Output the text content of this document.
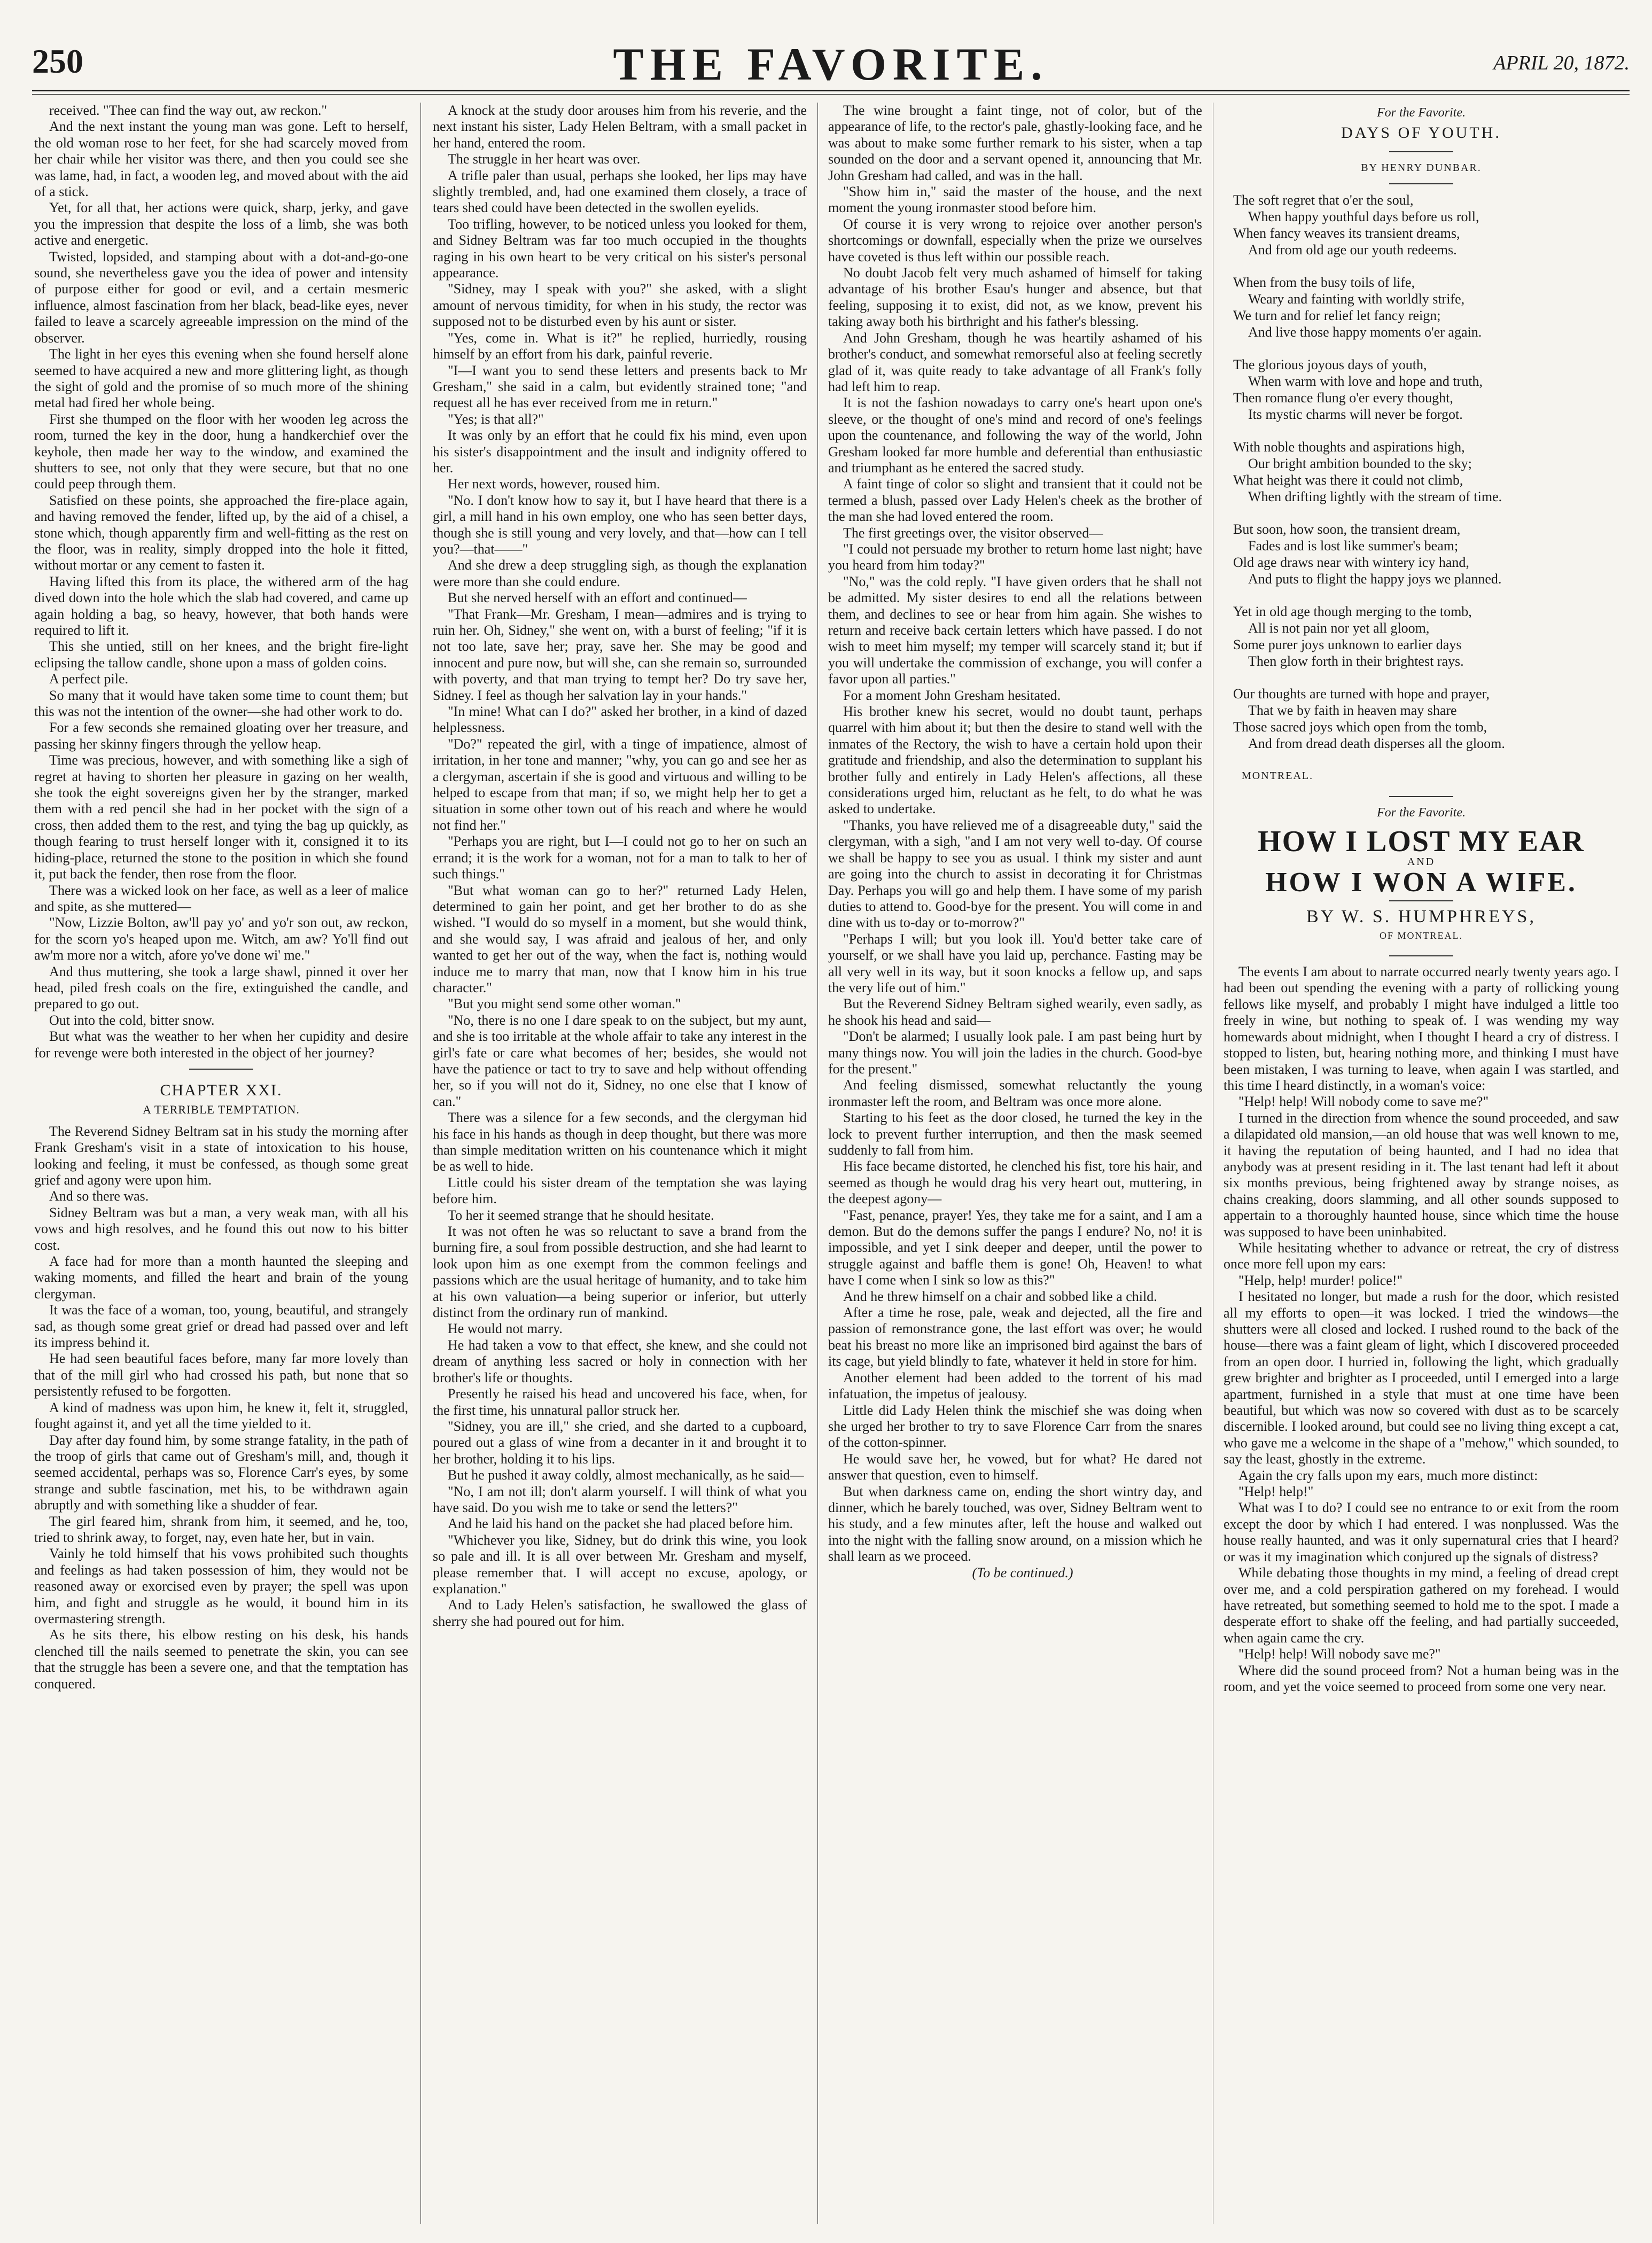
250	THE FAVORITE.	APRIL 20, 1872.

received. "Thee can find the way out, aw reckon."

And the next instant the young man was gone. Left to herself, the old woman rose to her feet, for she had scarcely moved from her chair while her visitor was there, and then you could see she was lame, had, in fact, a wooden leg, and moved about with the aid of a stick.

Yet, for all that, her actions were quick, sharp, jerky, and gave you the impression that despite the loss of a limb, she was both active and energetic.

Twisted, lopsided, and stamping about with a dot-and-go-one sound, she nevertheless gave you the idea of power and intensity of purpose either for good or evil, and a certain mesmeric influence, almost fascination from her black, bead-like eyes, never failed to leave a scarcely agreeable impression on the mind of the observer.

The light in her eyes this evening when she found herself alone seemed to have acquired a new and more glittering light, as though the sight of gold and the promise of so much more of the shining metal had fired her whole being.

First she thumped on the floor with her wooden leg across the room, turned the key in the door, hung a handkerchief over the keyhole, then made her way to the window, and examined the shutters to see, not only that they were secure, but that no one could peep through them.

Satisfied on these points, she approached the fire-place again, and having removed the fender, lifted up, by the aid of a chisel, a stone which, though apparently firm and well-fitting as the rest on the floor, was in reality, simply dropped into the hole it fitted, without mortar or any cement to fasten it.

Having lifted this from its place, the withered arm of the hag dived down into the hole which the slab had covered, and came up again holding a bag, so heavy, however, that both hands were required to lift it.

This she untied, still on her knees, and the bright fire-light eclipsing the tallow candle, shone upon a mass of golden coins.

A perfect pile.

So many that it would have taken some time to count them; but this was not the intention of the owner—she had other work to do.

For a few seconds she remained gloating over her treasure, and passing her skinny fingers through the yellow heap.

Time was precious, however, and with something like a sigh of regret at having to shorten her pleasure in gazing on her wealth, she took the eight sovereigns given her by the stranger, marked them with a red pencil she had in her pocket with the sign of a cross, then added them to the rest, and tying the bag up quickly, as though fearing to trust herself longer with it, consigned it to its hiding-place, returned the stone to the position in which she found it, put back the fender, then rose from the floor.

There was a wicked look on her face, as well as a leer of malice and spite, as she muttered—

"Now, Lizzie Bolton, aw'll pay yo' and yo'r son out, aw reckon, for the scorn yo's heaped upon me. Witch, am aw? Yo'll find out aw'm more nor a witch, afore yo've done wi' me."

And thus muttering, she took a large shawl, pinned it over her head, piled fresh coals on the fire, extinguished the candle, and prepared to go out.

Out into the cold, bitter snow.

But what was the weather to her when her cupidity and desire for revenge were both interested in the object of her journey?

CHAPTER XXI.
A TERRIBLE TEMPTATION.

The Reverend Sidney Beltram sat in his study the morning after Frank Gresham's visit in a state of intoxication to his house, looking and feeling, it must be confessed, as though some great grief and agony were upon him.

And so there was.

Sidney Beltram was but a man, a very weak man, with all his vows and high resolves, and he found this out now to his bitter cost.

A face had for more than a month haunted the sleeping and waking moments, and filled the heart and brain of the young clergyman.

It was the face of a woman, too, young, beautiful, and strangely sad, as though some great grief or dread had passed over and left its impress behind it.

He had seen beautiful faces before, many far more lovely than that of the mill girl who had crossed his path, but none that so persistently refused to be forgotten.

A kind of madness was upon him, he knew it, felt it, struggled, fought against it, and yet all the time yielded to it.

Day after day found him, by some strange fatality, in the path of the troop of girls that came out of Gresham's mill, and, though it seemed accidental, perhaps was so, Florence Carr's eyes, by some strange and subtle fascination, met his, to be withdrawn again abruptly and with something like a shudder of fear.

The girl feared him, shrank from him, it seemed, and he, too, tried to shrink away, to forget, nay, even hate her, but in vain.

Vainly he told himself that his vows prohibited such thoughts and feelings as had taken possession of him, they would not be reasoned away or exorcised even by prayer; the spell was upon him, and fight and struggle as he would, it bound him in its overmastering strength.

As he sits there, his elbow resting on his desk, his hands clenched till the nails seemed to penetrate the skin, you can see that the struggle has been a severe one, and that the temptation has conquered.

A knock at the study door arouses him from his reverie, and the next instant his sister, Lady Helen Beltram, with a small packet in her hand, entered the room.

The struggle in her heart was over.

A trifle paler than usual, perhaps she looked, her lips may have slightly trembled, and, had one examined them closely, a trace of tears shed could have been detected in the swollen eyelids.

Too trifling, however, to be noticed unless you looked for them, and Sidney Beltram was far too much occupied in the thoughts raging in his own heart to be very critical on his sister's personal appearance.

"Sidney, may I speak with you?" she asked, with a slight amount of nervous timidity, for when in his study, the rector was supposed not to be disturbed even by his aunt or sister.

"Yes, come in. What is it?" he replied, hurriedly, rousing himself by an effort from his dark, painful reverie.

"I—I want you to send these letters and presents back to Mr Gresham," she said in a calm, but evidently strained tone; "and request all he has ever received from me in return."

"Yes; is that all?"

It was only by an effort that he could fix his mind, even upon his sister's disappointment and the insult and indignity offered to her.

Her next words, however, roused him.

"No. I don't know how to say it, but I have heard that there is a girl, a mill hand in his own employ, one who has seen better days, though she is still young and very lovely, and that—how can I tell you?—that——"

And she drew a deep struggling sigh, as though the explanation were more than she could endure.

But she nerved herself with an effort and continued—

"That Frank—Mr. Gresham, I mean—admires and is trying to ruin her. Oh, Sidney," she went on, with a burst of feeling; "if it is not too late, save her; pray, save her. She may be good and innocent and pure now, but will she, can she remain so, surrounded with poverty, and that man trying to tempt her? Do try save her, Sidney. I feel as though her salvation lay in your hands."

"In mine! What can I do?" asked her brother, in a kind of dazed helplessness.

"Do?" repeated the girl, with a tinge of impatience, almost of irritation, in her tone and manner; "why, you can go and see her as a clergyman, ascertain if she is good and virtuous and willing to be helped to escape from that man; if so, we might help her to get a situation in some other town out of his reach and where he would not find her."

"Perhaps you are right, but I—I could not go to her on such an errand; it is the work for a woman, not for a man to talk to her of such things."

"But what woman can go to her?" returned Lady Helen, determined to gain her point, and get her brother to do as she wished. "I would do so myself in a moment, but she would think, and she would say, I was afraid and jealous of her, and only wanted to get her out of the way, when the fact is, nothing would induce me to marry that man, now that I know him in his true character."

"But you might send some other woman."

"No, there is no one I dare speak to on the subject, but my aunt, and she is too irritable at the whole affair to take any interest in the girl's fate or care what becomes of her; besides, she would not have the patience or tact to try to save and help without offending her, so if you will not do it, Sidney, no one else that I know of can."

There was a silence for a few seconds, and the clergyman hid his face in his hands as though in deep thought, but there was more than simple meditation written on his countenance which it might be as well to hide.

Little could his sister dream of the temptation she was laying before him.

To her it seemed strange that he should hesitate.

It was not often he was so reluctant to save a brand from the burning fire, a soul from possible destruction, and she had learnt to look upon him as one exempt from the common feelings and passions which are the usual heritage of humanity, and to take him at his own valuation—a being superior or inferior, but utterly distinct from the ordinary run of mankind.

He would not marry.

He had taken a vow to that effect, she knew, and she could not dream of anything less sacred or holy in connection with her brother's life or thoughts.

Presently he raised his head and uncovered his face, when, for the first time, his unnatural pallor struck her.

"Sidney, you are ill," she cried, and she darted to a cupboard, poured out a glass of wine from a decanter in it and brought it to her brother, holding it to his lips.

But he pushed it away coldly, almost mechanically, as he said—

"No, I am not ill; don't alarm yourself. I will think of what you have said. Do you wish me to take or send the letters?"

And he laid his hand on the packet she had placed before him.

"Whichever you like, Sidney, but do drink this wine, you look so pale and ill. It is all over between Mr. Gresham and myself, please remember that. I will accept no excuse, apology, or explanation."

And to Lady Helen's satisfaction, he swallowed the glass of sherry she had poured out for him.

The wine brought a faint tinge, not of color, but of the appearance of life, to the rector's pale, ghastly-looking face, and he was about to make some further remark to his sister, when a tap sounded on the door and a servant opened it, announcing that Mr. John Gresham had called, and was in the hall.

"Show him in," said the master of the house, and the next moment the young ironmaster stood before him.

Of course it is very wrong to rejoice over another person's shortcomings or downfall, especially when the prize we ourselves have coveted is thus left within our possible reach.

No doubt Jacob felt very much ashamed of himself for taking advantage of his brother Esau's hunger and absence, but that feeling, supposing it to exist, did not, as we know, prevent his taking away both his birthright and his father's blessing.

And John Gresham, though he was heartily ashamed of his brother's conduct, and somewhat remorseful also at feeling secretly glad of it, was quite ready to take advantage of all Frank's folly had left him to reap.

It is not the fashion nowadays to carry one's heart upon one's sleeve, or the thought of one's mind and record of one's feelings upon the countenance, and following the way of the world, John Gresham looked far more humble and deferential than enthusiastic and triumphant as he entered the sacred study.

A faint tinge of color so slight and transient that it could not be termed a blush, passed over Lady Helen's cheek as the brother of the man she had loved entered the room.

The first greetings over, the visitor observed—

"I could not persuade my brother to return home last night; have you heard from him today?"

"No," was the cold reply. "I have given orders that he shall not be admitted. My sister desires to end all the relations between them, and declines to see or hear from him again. She wishes to return and receive back certain letters which have passed. I do not wish to meet him myself; my temper will scarcely stand it; but if you will undertake the commission of exchange, you will confer a favor upon all parties."

For a moment John Gresham hesitated.

His brother knew his secret, would no doubt taunt, perhaps quarrel with him about it; but then the desire to stand well with the inmates of the Rectory, the wish to have a certain hold upon their gratitude and friendship, and also the determination to supplant his brother fully and entirely in Lady Helen's affections, all these considerations urged him, reluctant as he felt, to do what he was asked to undertake.

"Thanks, you have relieved me of a disagreeable duty," said the clergyman, with a sigh, "and I am not very well to-day. Of course we shall be happy to see you as usual. I think my sister and aunt are going into the church to assist in decorating it for Christmas Day. Perhaps you will go and help them. I have some of my parish duties to attend to. Good-bye for the present. You will come in and dine with us to-day or to-morrow?"

"Perhaps I will; but you look ill. You'd better take care of yourself, or we shall have you laid up, perchance. Fasting may be all very well in its way, but it soon knocks a fellow up, and saps the very life out of him."

But the Reverend Sidney Beltram sighed wearily, even sadly, as he shook his head and said—

"Don't be alarmed; I usually look pale. I am past being hurt by many things now. You will join the ladies in the church. Good-bye for the present."

And feeling dismissed, somewhat reluctantly the young ironmaster left the room, and Beltram was once more alone.

Starting to his feet as the door closed, he turned the key in the lock to prevent further interruption, and then the mask seemed suddenly to fall from him.

His face became distorted, he clenched his fist, tore his hair, and seemed as though he would drag his very heart out, muttering, in the deepest agony—

"Fast, penance, prayer! Yes, they take me for a saint, and I am a demon. But do the demons suffer the pangs I endure? No, no! it is impossible, and yet I sink deeper and deeper, until the power to struggle against and baffle them is gone! Oh, Heaven! to what have I come when I sink so low as this?"

And he threw himself on a chair and sobbed like a child.

After a time he rose, pale, weak and dejected, all the fire and passion of remonstrance gone, the last effort was over; he would beat his breast no more like an imprisoned bird against the bars of its cage, but yield blindly to fate, whatever it held in store for him.

Another element had been added to the torrent of his mad infatuation, the impetus of jealousy.

Little did Lady Helen think the mischief she was doing when she urged her brother to try to save Florence Carr from the snares of the cotton-spinner.

He would save her, he vowed, but for what? He dared not answer that question, even to himself.

But when darkness came on, ending the short wintry day, and dinner, which he barely touched, was over, Sidney Beltram went to his study, and a few minutes after, left the house and walked out into the night with the falling snow around, on a mission which he shall learn as we proceed.

(To be continued.)

For the Favorite.
DAYS OF YOUTH.
BY HENRY DUNBAR.
The soft regret that o'er the soul,
When happy youthful days before us roll,
When fancy weaves its transient dreams,
And from old age our youth redeems.
When from the busy toils of life,
Weary and fainting with worldly strife,
We turn and for relief let fancy reign;
And live those happy moments o'er again.
The glorious joyous days of youth,
When warm with love and hope and truth,
Then romance flung o'er every thought,
Its mystic charms will never be forgot.
With noble thoughts and aspirations high,
Our bright ambition bounded to the sky;
What height was there it could not climb,
When drifting lightly with the stream of time.
But soon, how soon, the transient dream,
Fades and is lost like summer's beam;
Old age draws near with wintery icy hand,
And puts to flight the happy joys we planned.
Yet in old age though merging to the tomb,
All is not pain nor yet all gloom,
Some purer joys unknown to earlier days
Then glow forth in their brightest rays.
Our thoughts are turned with hope and prayer,
That we by faith in heaven may share
Those sacred joys which open from the tomb,
And from dread death disperses all the gloom.
MONTREAL.
For the Favorite.
HOW I LOST MY EAR
AND
HOW I WON A WIFE.
BY W. S. HUMPHREYS,
OF MONTREAL.

The events I am about to narrate occurred nearly twenty years ago. I had been out spending the evening with a party of rollicking young fellows like myself, and probably I might have indulged a little too freely in wine, but nothing to speak of. I was wending my way homewards about midnight, when I thought I heard a cry of distress. I stopped to listen, but, hearing nothing more, and thinking I must have been mistaken, I was turning to leave, when again I was startled, and this time I heard distinctly, in a woman's voice:

"Help! help! Will nobody come to save me?"

I turned in the direction from whence the sound proceeded, and saw a dilapidated old mansion,—an old house that was well known to me, it having the reputation of being haunted, and I had no idea that anybody was at present residing in it. The last tenant had left it about six months previous, being frightened away by strange noises, as chains creaking, doors slamming, and all other sounds supposed to appertain to a thoroughly haunted house, since which time the house was supposed to have been uninhabited.

While hesitating whether to advance or retreat, the cry of distress once more fell upon my ears:

"Help, help! murder! police!"

I hesitated no longer, but made a rush for the door, which resisted all my efforts to open—it was locked. I tried the windows—the shutters were all closed and locked. I rushed round to the back of the house—there was a faint gleam of light, which I discovered proceeded from an open door. I hurried in, following the light, which gradually grew brighter and brighter as I proceeded, until I emerged into a large apartment, furnished in a style that must at one time have been beautiful, but which was now so covered with dust as to be scarcely discernible. I looked around, but could see no living thing except a cat, who gave me a welcome in the shape of a "mehow," which sounded, to say the least, ghostly in the extreme.

Again the cry falls upon my ears, much more distinct:

"Help! help!"

What was I to do? I could see no entrance to or exit from the room except the door by which I had entered. I was nonplussed. Was the house really haunted, and was it only supernatural cries that I heard? or was it my imagination which conjured up the signals of distress?

While debating those thoughts in my mind, a feeling of dread crept over me, and a cold perspiration gathered on my forehead. I would have retreated, but something seemed to hold me to the spot. I made a desperate effort to shake off the feeling, and had partially succeeded, when again came the cry.

"Help! help! Will nobody save me?"

Where did the sound proceed from? Not a human being was in the room, and yet the voice seemed to proceed from some one very near.
